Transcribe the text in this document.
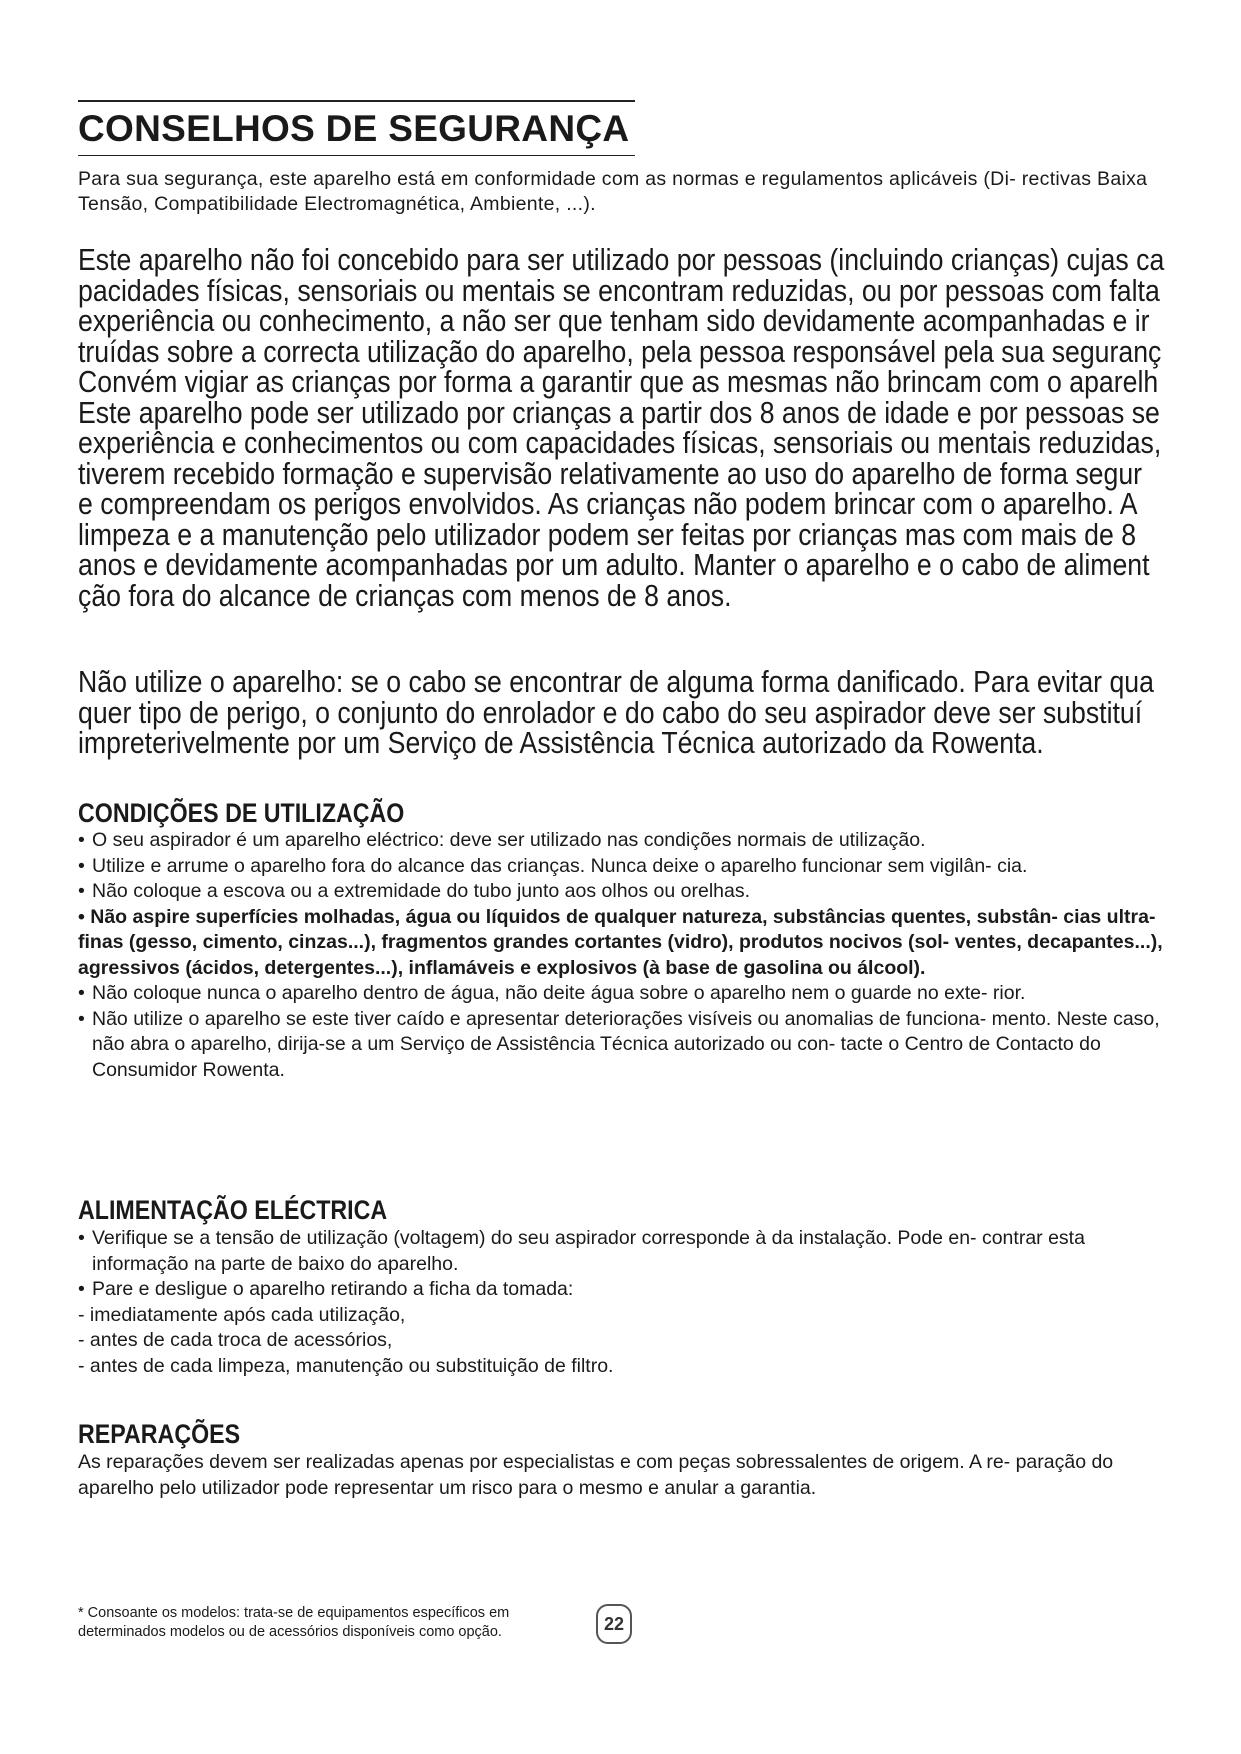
CONSELHOS DE SEGURANÇA

Para sua segurança, este aparelho está em conformidade com as normas e regulamentos aplicáveis (Di- rectivas Baixa Tensão, Compatibilidade Electromagnética, Ambiente, ...).

Este aparelho não foi concebido para ser utilizado por pessoas (incluindo crianças) cujas ca
pacidades físicas, sensoriais ou mentais se encontram reduzidas, ou por pessoas com falta
experiência ou conhecimento, a não ser que tenham sido devidamente acompanhadas e ir
truídas sobre a correcta utilização do aparelho, pela pessoa responsável pela sua seguranç
Convém vigiar as crianças por forma a garantir que as mesmas não brincam com o aparelh
Este aparelho pode ser utilizado por crianças a partir dos 8 anos de idade e por pessoas se
experiência e conhecimentos ou com capacidades físicas, sensoriais ou mentais reduzidas,
tiverem recebido formação e supervisão relativamente ao uso do aparelho de forma segur
e compreendam os perigos envolvidos. As crianças não podem brincar com o aparelho. A
limpeza e a manutenção pelo utilizador podem ser feitas por crianças mas com mais de 8
anos e devidamente acompanhadas por um adulto. Manter o aparelho e o cabo de aliment
ção fora do alcance de crianças com menos de 8 anos.
Não utilize o aparelho: se o cabo se encontrar de alguma forma danificado. Para evitar qua
quer tipo de perigo, o conjunto do enrolador e do cabo do seu aspirador deve ser substituí
impreterivelmente por um Serviço de Assistência Técnica autorizado da Rowenta.
CONDIÇÕES DE UTILIZAÇÃO
• O seu aspirador é um aparelho eléctrico: deve ser utilizado nas condições normais de utilização.
• Utilize e arrume o aparelho fora do alcance das crianças. Nunca deixe o aparelho funcionar sem vigilân- cia.
• Não coloque a escova ou a extremidade do tubo junto aos olhos ou orelhas.
• Não aspire superfícies molhadas, água ou líquidos de qualquer natureza, substâncias quentes, substân- cias ultra-finas (gesso, cimento, cinzas...), fragmentos grandes cortantes (vidro), produtos nocivos (sol- ventes, decapantes...), agressivos (ácidos, detergentes...), inflamáveis e explosivos (à base de gasolina ou álcool).
• Não coloque nunca o aparelho dentro de água, não deite água sobre o aparelho nem o guarde no exte- rior.
• Não utilize o aparelho se este tiver caído e apresentar deteriorações visíveis ou anomalias de funciona- mento. Neste caso, não abra o aparelho, dirija-se a um Serviço de Assistência Técnica autorizado ou con- tacte o Centro de Contacto do Consumidor Rowenta.
ALIMENTAÇÃO ELÉCTRICA
• Verifique se a tensão de utilização (voltagem) do seu aspirador corresponde à da instalação. Pode en- contrar esta informação na parte de baixo do aparelho.
• Pare e desligue o aparelho retirando a ficha da tomada:
- imediatamente após cada utilização,
- antes de cada troca de acessórios,
- antes de cada limpeza, manutenção ou substituição de filtro.
REPARAÇÕES

As reparações devem ser realizadas apenas por especialistas e com peças sobressalentes de origem. A re- paração do aparelho pelo utilizador pode representar um risco para o mesmo e anular a garantia.

* Consoante os modelos: trata-se de equipamentos específicos em determinados modelos ou de acessórios disponíveis como opção.	22
